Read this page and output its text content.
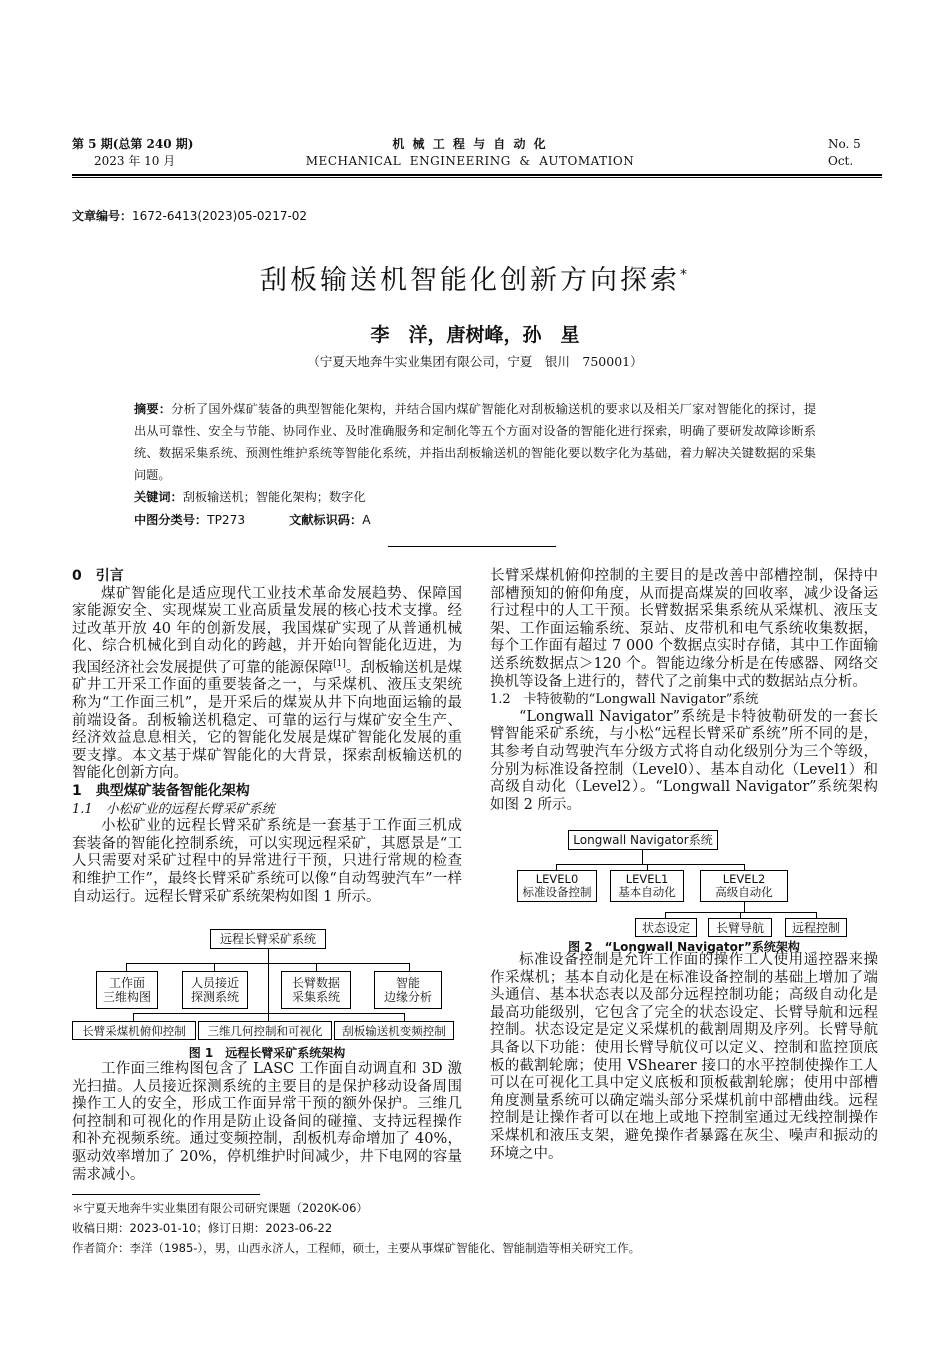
第 5 期(总第 240 期)
2023 年 10 月
机 械 工 程 与 自 动 化
MECHANICAL  ENGINEERING  &  AUTOMATION
No. 5
Oct.
文章编号：1672-6413(2023)05-0217-02
刮板输送机智能化创新方向探索*
李　洋，唐树峰，孙　星
（宁夏天地奔牛实业集团有限公司，宁夏　银川　750001）
摘要：分析了国外煤矿装备的典型智能化架构，并结合国内煤矿智能化对刮板输送机的要求以及相关厂家对智能化的探讨，提出从可靠性、安全与节能、协同作业、及时准确服务和定制化等五个方面对设备的智能化进行探索，明确了要研发故障诊断系统、数据采集系统、预测性维护系统等智能化系统，并指出刮板输送机的智能化要以数字化为基础，着力解决关键数据的采集问题。
关键词：刮板输送机；智能化架构；数字化
中图分类号：TP273	文献标识码：A

0　引言

煤矿智能化是适应现代工业技术革命发展趋势、保障国家能源安全、实现煤炭工业高质量发展的核心技术支撑。经过改革开放 40 年的创新发展，我国煤矿实现了从普通机械化、综合机械化到自动化的跨越，并开始向智能化迈进，为我国经济社会发展提供了可靠的能源保障[1]。刮板输送机是煤矿井工开采工作面的重要装备之一，与采煤机、液压支架统称为“工作面三机”，是开采后的煤炭从井下向地面运输的最前端设备。刮板输送机稳定、可靠的运行与煤矿安全生产、经济效益息息相关，它的智能化发展是煤矿智能化发展的重要支撑。本文基于煤矿智能化的大背景，探索刮板输送机的智能化创新方向。

1　典型煤矿装备智能化架构

1.1　小松矿业的远程长臂采矿系统

小松矿业的远程长臂采矿系统是一套基于工作面三机成套装备的智能化控制系统，可以实现远程采矿，其愿景是“工人只需要对采矿过程中的异常进行干预，只进行常规的检查和维护工作”，最终长臂采矿系统可以像“自动驾驶汽车”一样自动运行。远程长臂采矿系统架构如图 1 所示。

远程长臂采矿系统
工作面
三维构图
人员接近
探测系统
长臂数据
采集系统
智能
边缘分析
长臂采煤机俯仰控制 三维几何控制和可视化 刮板输送机变频控制
图 1　远程长臂采矿系统架构

工作面三维构图包含了 LASC 工作面自动调直和 3D 激光扫描。人员接近探测系统的主要目的是保护移动设备周围操作工人的安全，形成工作面异常干预的额外保护。三维几何控制和可视化的作用是防止设备间的碰撞、支持远程操作和补充视频系统。通过变频控制，刮板机寿命增加了 40%，驱动效率增加了 20%，停机维护时间减少，井下电网的容量需求减小。

长臂采煤机俯仰控制的主要目的是改善中部槽控制，保持中部槽预知的俯仰角度，从而提高煤炭的回收率，减少设备运行过程中的人工干预。长臂数据采集系统从采煤机、液压支架、工作面运输系统、泵站、皮带机和电气系统收集数据，每个工作面有超过 7 000 个数据点实时存储，其中工作面输送系统数据点＞120 个。智能边缘分析是在传感器、网络交换机等设备上进行的，替代了之前集中式的数据站点分析。

1.2　卡特彼勒的“Longwall Navigator”系统

“Longwall Navigator”系统是卡特彼勒研发的一套长臂智能采矿系统，与小松“远程长臂采矿系统”所不同的是，其参考自动驾驶汽车分级方式将自动化级别分为三个等级，分别为标准设备控制（Level0）、基本自动化（Level1）和高级自动化（Level2）。“Longwall Navigator”系统架构如图 2 所示。

Longwall Navigator系统
LEVEL0
标准设备控制
LEVEL1
基本自动化
LEVEL2
高级自动化
状态设定 长臂导航 远程控制
图 2　“Longwall Navigator”系统架构

标准设备控制是允许工作面的操作工人使用遥控器来操作采煤机；基本自动化是在标准设备控制的基础上增加了端头通信、基本状态表以及部分远程控制功能；高级自动化是最高功能级别，它包含了完全的状态设定、长臂导航和远程控制。状态设定是定义采煤机的截割周期及序列。长臂导航具备以下功能：使用长臂导航仪可以定义、控制和监控顶底板的截割轮廓；使用 VShearer 接口的水平控制使操作工人可以在可视化工具中定义底板和顶板截割轮廓；使用中部槽角度测量系统可以确定端头部分采煤机前中部槽曲线。远程控制是让操作者可以在地上或地下控制室通过无线控制操作采煤机和液压支架，避免操作者暴露在灰尘、噪声和振动的环境之中。

＊宁夏天地奔牛实业集团有限公司研究课题（2020K-06）
收稿日期：2023-01-10；修订日期：2023-06-22
作者简介：李洋（1985-），男，山西永济人，工程师，硕士，主要从事煤矿智能化、智能制造等相关研究工作。
